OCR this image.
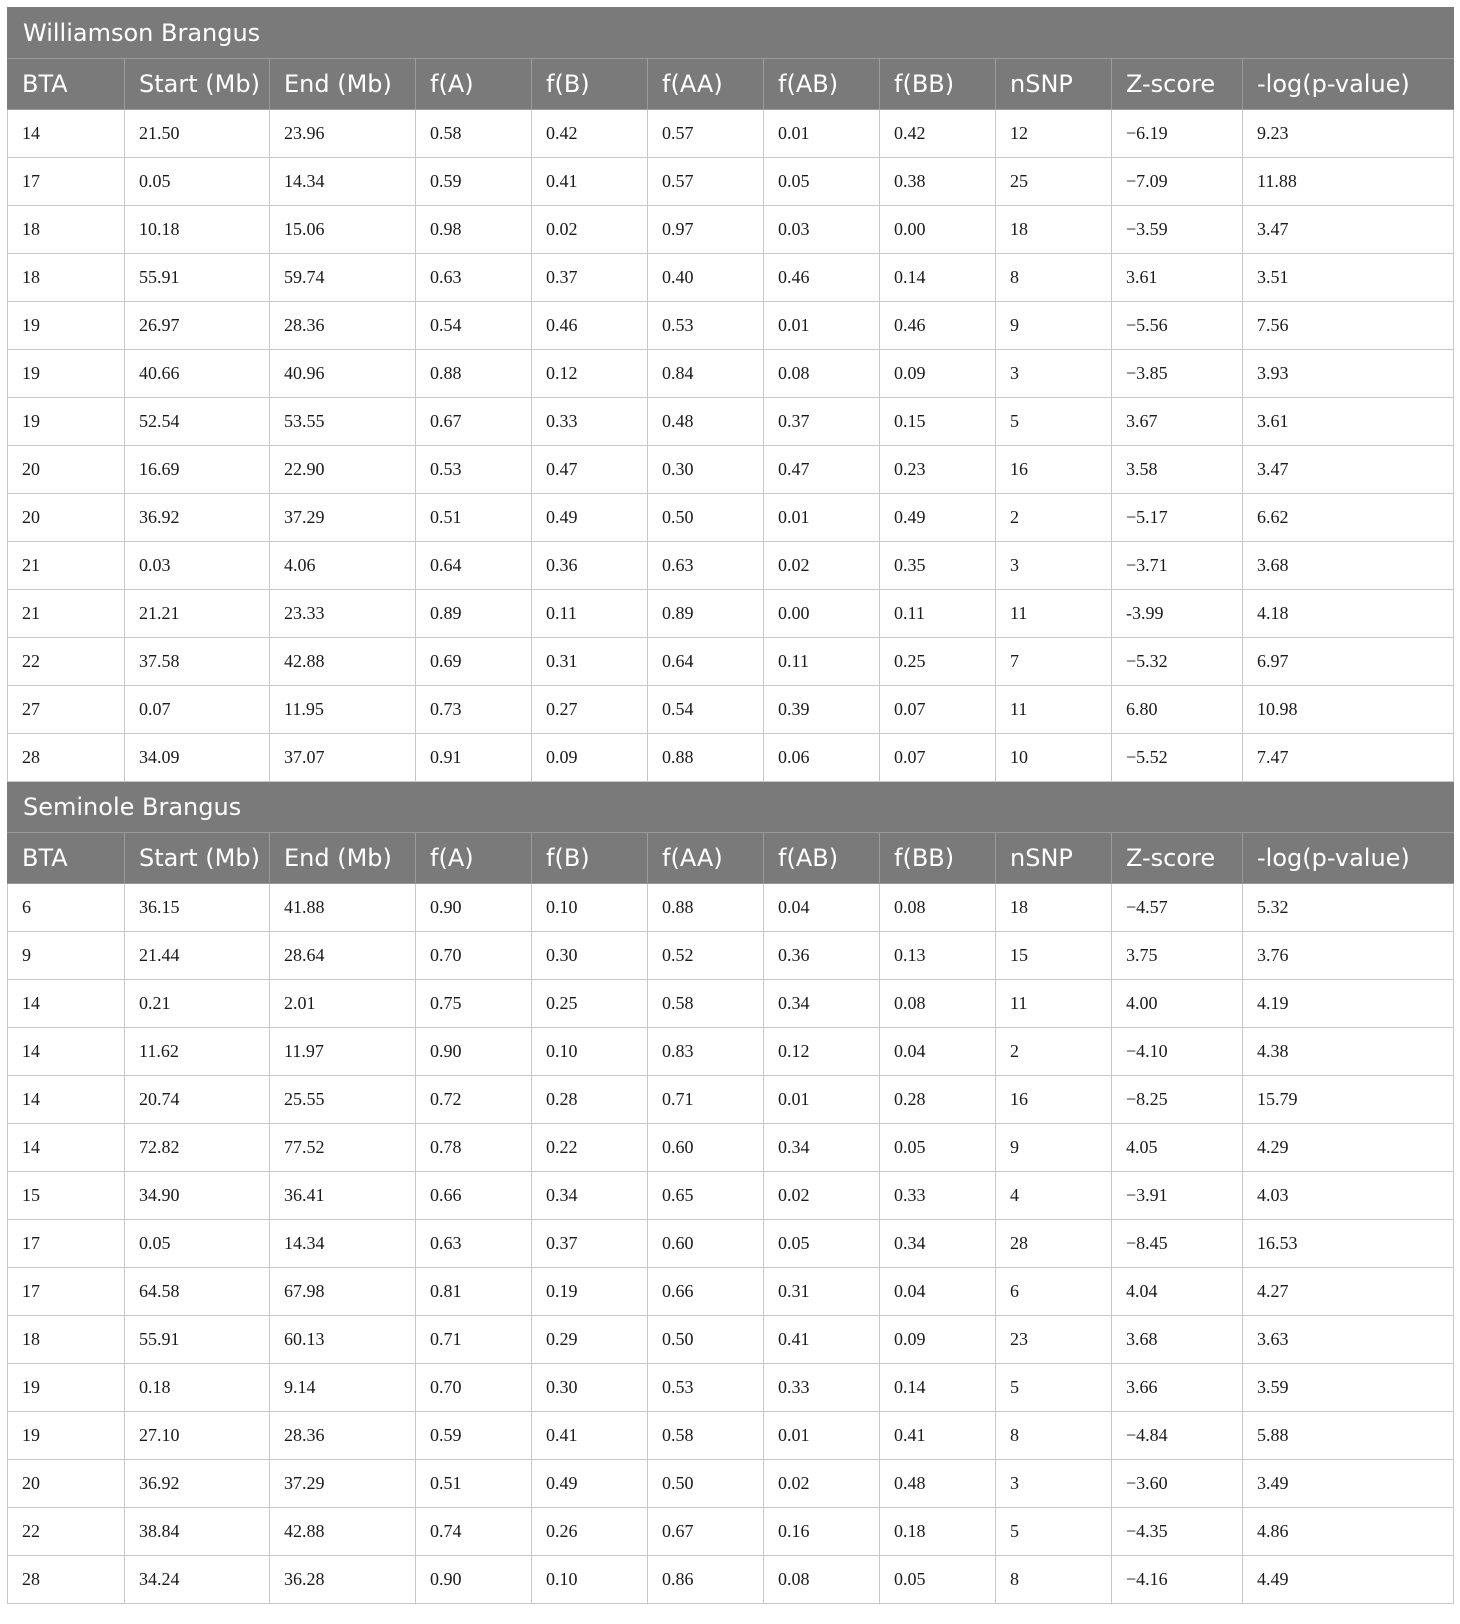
Williamson Brangus										
BTA	Start (Mb)	End (Mb)	f(A)	f(B)	f(AA)	f(AB)	f(BB)	nSNP	Z-score	-log(p-value)
14	21.50	23.96	0.58	0.42	0.57	0.01	0.42	12	−6.19	9.23
17	0.05	14.34	0.59	0.41	0.57	0.05	0.38	25	−7.09	11.88
18	10.18	15.06	0.98	0.02	0.97	0.03	0.00	18	−3.59	3.47
18	55.91	59.74	0.63	0.37	0.40	0.46	0.14	8	3.61	3.51
19	26.97	28.36	0.54	0.46	0.53	0.01	0.46	9	−5.56	7.56
19	40.66	40.96	0.88	0.12	0.84	0.08	0.09	3	−3.85	3.93
19	52.54	53.55	0.67	0.33	0.48	0.37	0.15	5	3.67	3.61
20	16.69	22.90	0.53	0.47	0.30	0.47	0.23	16	3.58	3.47
20	36.92	37.29	0.51	0.49	0.50	0.01	0.49	2	−5.17	6.62
21	0.03	4.06	0.64	0.36	0.63	0.02	0.35	3	−3.71	3.68
21	21.21	23.33	0.89	0.11	0.89	0.00	0.11	11	-3.99	4.18
22	37.58	42.88	0.69	0.31	0.64	0.11	0.25	7	−5.32	6.97
27	0.07	11.95	0.73	0.27	0.54	0.39	0.07	11	6.80	10.98
28	34.09	37.07	0.91	0.09	0.88	0.06	0.07	10	−5.52	7.47
Seminole Brangus										
BTA	Start (Mb)	End (Mb)	f(A)	f(B)	f(AA)	f(AB)	f(BB)	nSNP	Z-score	-log(p-value)
6	36.15	41.88	0.90	0.10	0.88	0.04	0.08	18	−4.57	5.32
9	21.44	28.64	0.70	0.30	0.52	0.36	0.13	15	3.75	3.76
14	0.21	2.01	0.75	0.25	0.58	0.34	0.08	11	4.00	4.19
14	11.62	11.97	0.90	0.10	0.83	0.12	0.04	2	−4.10	4.38
14	20.74	25.55	0.72	0.28	0.71	0.01	0.28	16	−8.25	15.79
14	72.82	77.52	0.78	0.22	0.60	0.34	0.05	9	4.05	4.29
15	34.90	36.41	0.66	0.34	0.65	0.02	0.33	4	−3.91	4.03
17	0.05	14.34	0.63	0.37	0.60	0.05	0.34	28	−8.45	16.53
17	64.58	67.98	0.81	0.19	0.66	0.31	0.04	6	4.04	4.27
18	55.91	60.13	0.71	0.29	0.50	0.41	0.09	23	3.68	3.63
19	0.18	9.14	0.70	0.30	0.53	0.33	0.14	5	3.66	3.59
19	27.10	28.36	0.59	0.41	0.58	0.01	0.41	8	−4.84	5.88
20	36.92	37.29	0.51	0.49	0.50	0.02	0.48	3	−3.60	3.49
22	38.84	42.88	0.74	0.26	0.67	0.16	0.18	5	−4.35	4.86
28	34.24	36.28	0.90	0.10	0.86	0.08	0.05	8	−4.16	4.49
